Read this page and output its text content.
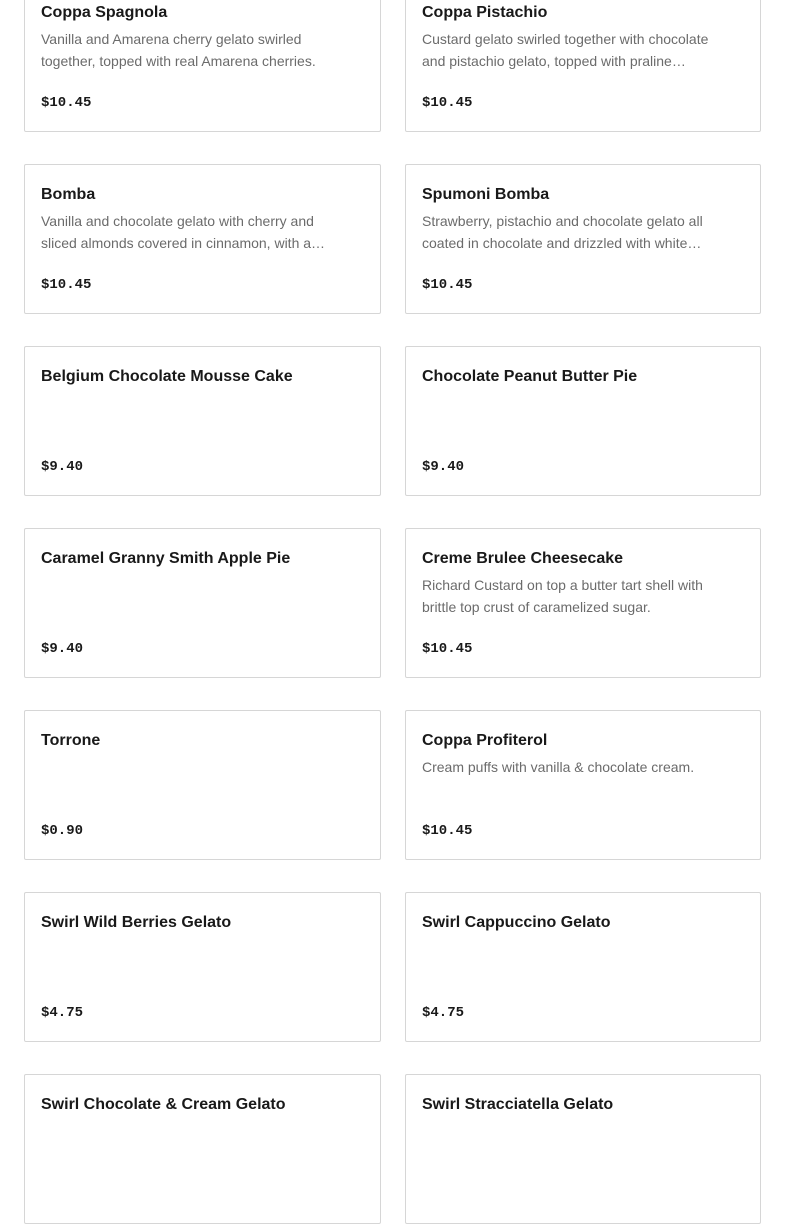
Coppa Spagnola
Vanilla and Amarena cherry gelato swirled together, topped with real Amarena cherries.
$10.45
Coppa Pistachio
Custard gelato swirled together with chocolate and pistachio gelato, topped with praline…
$10.45
Bomba
Vanilla and chocolate gelato with cherry and sliced almonds covered in cinnamon, with a…
$10.45
Spumoni Bomba
Strawberry, pistachio and chocolate gelato all coated in chocolate and drizzled with white…
$10.45
Belgium Chocolate Mousse Cake
$9.40
Chocolate Peanut Butter Pie
$9.40
Caramel Granny Smith Apple Pie
$9.40
Creme Brulee Cheesecake
Richard Custard on top a butter tart shell with brittle top crust of caramelized sugar.
$10.45
Torrone
$0.90
Coppa Profiterol
Cream puffs with vanilla & chocolate cream.
$10.45
Swirl Wild Berries Gelato
$4.75
Swirl Cappuccino Gelato
$4.75
Swirl Chocolate & Cream Gelato	Swirl Stracciatella Gelato
